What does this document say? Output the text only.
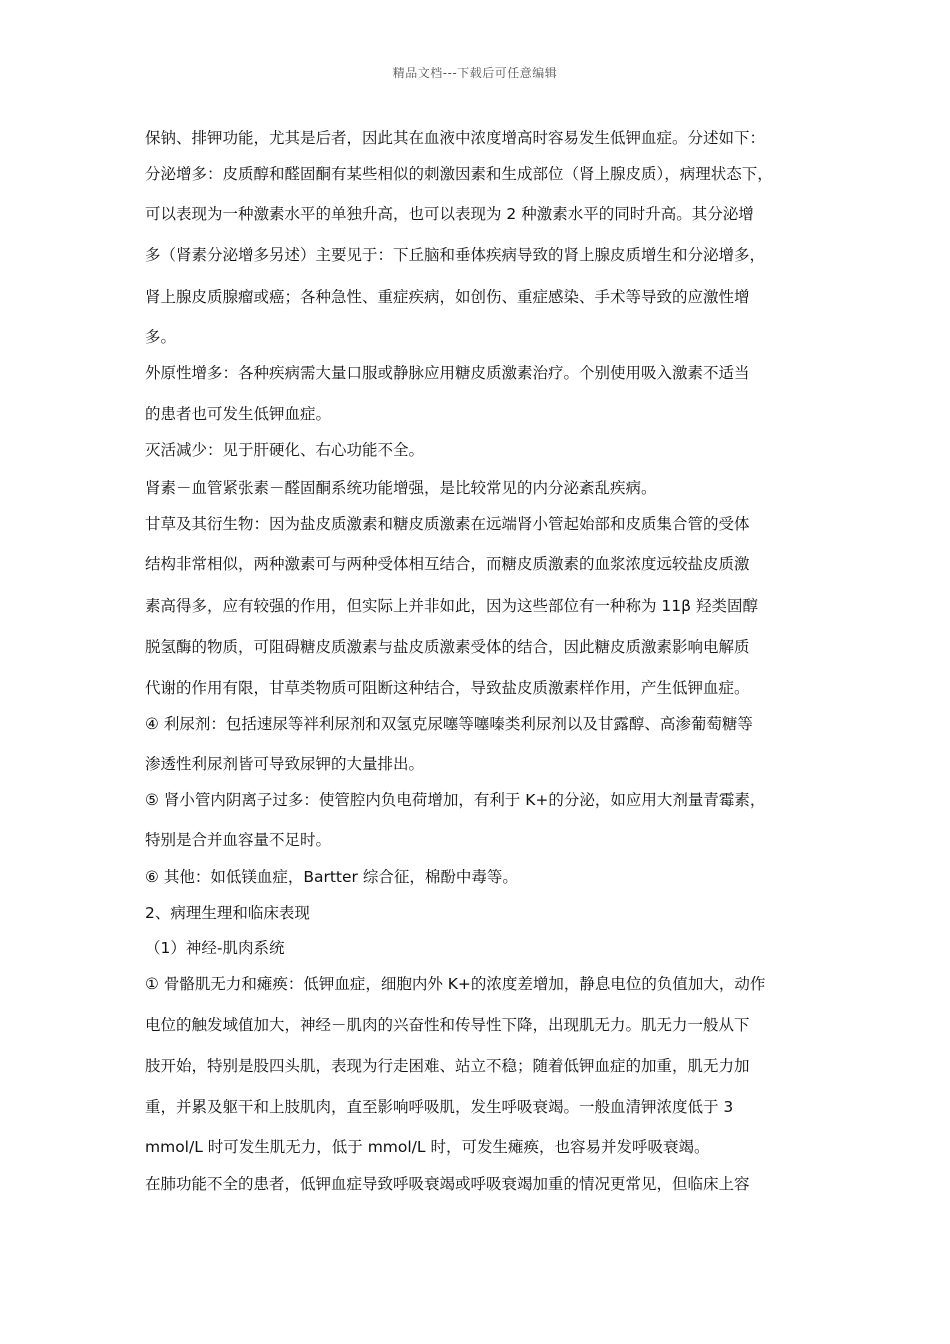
精品文档---下载后可任意编辑
保钠、排钾功能，尤其是后者，因此其在血液中浓度增高时容易发生低钾血症。分述如下：
分泌增多：皮质醇和醛固酮有某些相似的刺激因素和生成部位（肾上腺皮质），病理状态下，
可以表现为一种激素水平的单独升高，也可以表现为 2 种激素水平的同时升高。其分泌增
多（肾素分泌增多另述）主要见于：下丘脑和垂体疾病导致的肾上腺皮质增生和分泌增多，
肾上腺皮质腺瘤或癌；各种急性、重症疾病，如创伤、重症感染、手术等导致的应激性增
多。
外原性增多：各种疾病需大量口服或静脉应用糖皮质激素治疗。个别使用吸入激素不适当
的患者也可发生低钾血症。
灭活减少：见于肝硬化、右心功能不全。
肾素－血管紧张素－醛固酮系统功能增强，是比较常见的内分泌紊乱疾病。
甘草及其衍生物：因为盐皮质激素和糖皮质激素在远端肾小管起始部和皮质集合管的受体
结构非常相似，两种激素可与两种受体相互结合，而糖皮质激素的血浆浓度远较盐皮质激
素高得多，应有较强的作用，但实际上并非如此，因为这些部位有一种称为 11β 羟类固醇
脱氢酶的物质，可阻碍糖皮质激素与盐皮质激素受体的结合，因此糖皮质激素影响电解质
代谢的作用有限，甘草类物质可阻断这种结合，导致盐皮质激素样作用，产生低钾血症。
④ 利尿剂：包括速尿等袢利尿剂和双氢克尿噻等噻嗪类利尿剂以及甘露醇、高渗葡萄糖等
渗透性利尿剂皆可导致尿钾的大量排出。
⑤ 肾小管内阴离子过多：使管腔内负电荷增加，有利于 K+的分泌，如应用大剂量青霉素，
特别是合并血容量不足时。
⑥ 其他：如低镁血症，Bartter 综合征，棉酚中毒等。
2、病理生理和临床表现
（1）神经-肌肉系统
① 骨骼肌无力和瘫痪：低钾血症，细胞内外 K+的浓度差增加，静息电位的负值加大，动作
电位的触发域值加大，神经－肌肉的兴奋性和传导性下降，出现肌无力。肌无力一般从下
肢开始，特别是股四头肌，表现为行走困难、站立不稳；随着低钾血症的加重，肌无力加
重，并累及躯干和上肢肌肉，直至影响呼吸肌，发生呼吸衰竭。一般血清钾浓度低于 3
mmol/L 时可发生肌无力，低于 mmol/L 时，可发生瘫痪，也容易并发呼吸衰竭。
在肺功能不全的患者，低钾血症导致呼吸衰竭或呼吸衰竭加重的情况更常见，但临床上容
